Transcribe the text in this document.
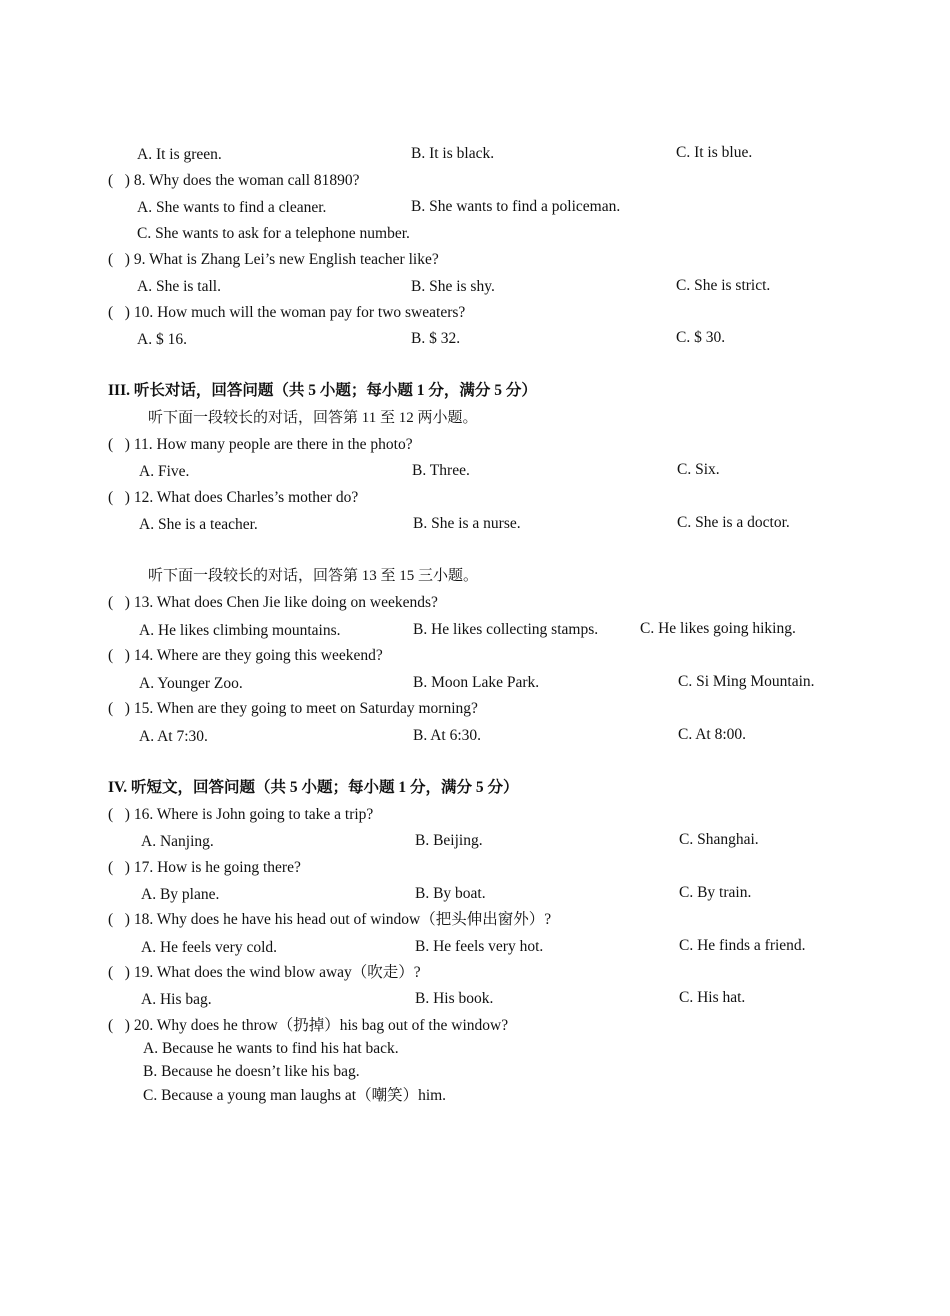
A. It is green.	B. It is black.	C. It is blue.
(   ) 8. Why does the woman call 81890?
A. She wants to find a cleaner.	B. She wants to find a policeman.
C. She wants to ask for a telephone number.
(   ) 9. What is Zhang Lei’s new English teacher like?
A. She is tall.	B. She is shy.	C. She is strict.
(   ) 10. How much will the woman pay for two sweaters?
A. $ 16.	B. $ 32.	C. $ 30.
III. 听长对话，回答问题（共 5 小题；每小题 1 分，满分 5 分）
听下面一段较长的对话，回答第 11 至 12 两小题。
(   ) 11. How many people are there in the photo?
A. Five.	B. Three.	C. Six.
(   ) 12. What does Charles’s mother do?
A. She is a teacher.	B. She is a nurse.	C. She is a doctor.
听下面一段较长的对话，回答第 13 至 15 三小题。
(   ) 13. What does Chen Jie like doing on weekends?
A. He likes climbing mountains.	B. He likes collecting stamps.	C. He likes going hiking.
(   ) 14. Where are they going this weekend?
A. Younger Zoo.	B. Moon Lake Park.	C. Si Ming Mountain.
(   ) 15. When are they going to meet on Saturday morning?
A. At 7:30.	B. At 6:30.	C. At 8:00.
IV. 听短文，回答问题（共 5 小题；每小题 1 分，满分 5 分）
(   ) 16. Where is John going to take a trip?
A. Nanjing.	B. Beijing.	C. Shanghai.
(   ) 17. How is he going there?
A. By plane.	B. By boat.	C. By train.
(   ) 18. Why does he have his head out of window（把头伸出窗外）?
A. He feels very cold.	B. He feels very hot.	C. He finds a friend.
(   ) 19. What does the wind blow away（吹走）?
A. His bag.	B. His book.	C. His hat.
(   ) 20. Why does he throw（扔掉）his bag out of the window?
A. Because he wants to find his hat back.
B. Because he doesn’t like his bag.
C. Because a young man laughs at（嘲笑）him.
